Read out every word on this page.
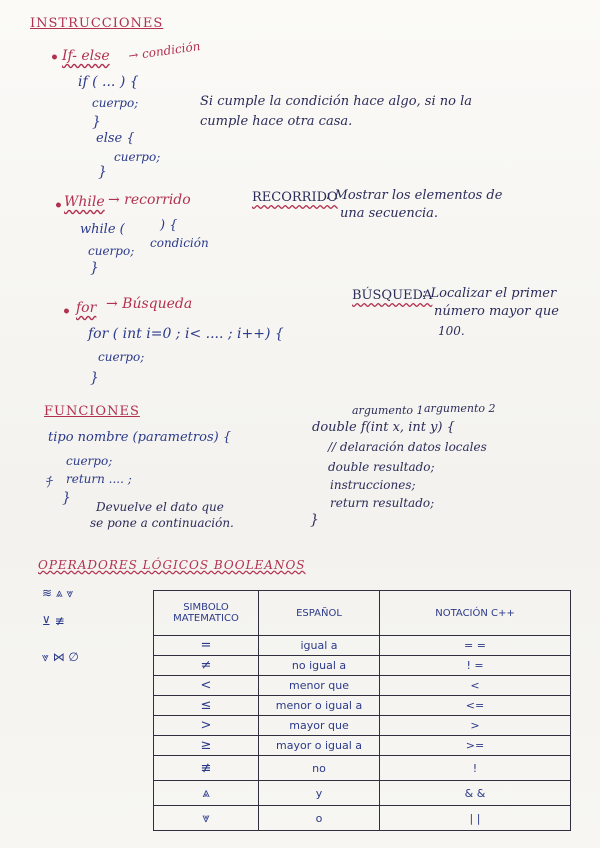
INSTRUCCIONES
• If- else → condición
if ( ... ) {
cuerpo;
}
else {
cuerpo;
}
Si cumple la condición hace algo, si no la
cumple hace otra casa.
• While → recorrido
while (	) {
cuerpo;
}
condición
RECORRIDO
: Mostrar los elementos de
una secuencia.
• for → Búsqueda
for ( int i=0 ; i< .... ; i++) {
cuerpo;
}
BÚSQUEDA
: Localizar el primer
número mayor que
100.
FUNCIONES
tipo nombre (parametros) {
cuerpo;
return .... ;
}
ﾁ
Devuelve el dato que
se pone a continuación.
argumento 1 argumento 2
double f(int x, int y) {
// delaración datos locales
double resultado;
instrucciones;
return resultado;
}
OPERADORES LÓGICOS BOOLEANOS
≋ ⩓ ⩔
⊻ ≢
⩔ ⋈ ∅
SIMBOLO MATEMATICO	ESPAÑOL	NOTACIÓN C++
=	igual a	= =
≠	no igual a	! =
<	menor que	<
≤	menor o igual a	<=
>	mayor que	>
≥	mayor o igual a	>=
≢	no	!
⩓	y	& &
⩔	o	| |
